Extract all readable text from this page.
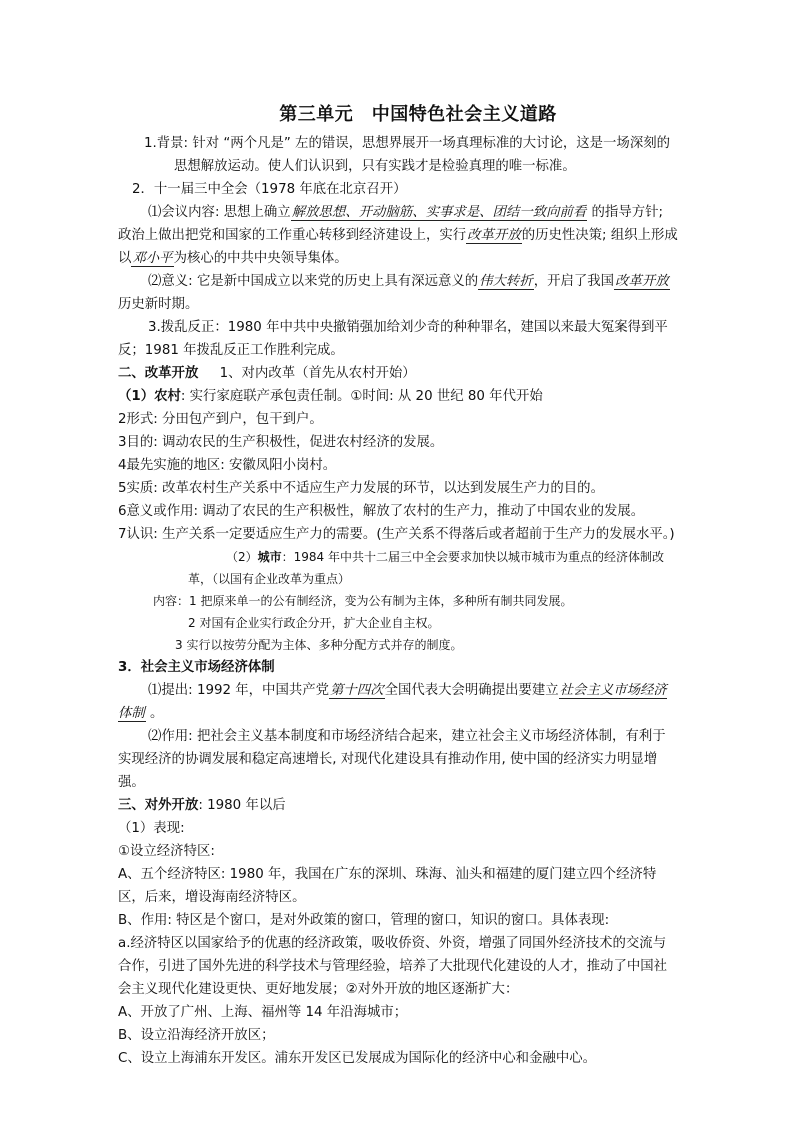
第三单元　中国特色社会主义道路

1.背景: 针对 “两个凡是” 左的错误，思想界展开一场真理标准的大讨论，这是一场深刻的思想解放运动。使人们认识到，只有实践才是检验真理的唯一标准。

2．十一届三中全会（1978 年底在北京召开）

⑴会议内容: 思想上确立解放思想、开动脑筋、实事求是、团结一致向前看 的指导方针; 政治上做出把党和国家的工作重心转移到经济建设上，实行改革开放的历史性决策; 组织上形成以邓小平为核心的中共中央领导集体。

⑵意义: 它是新中国成立以来党的历史上具有深远意义的伟大转折，开启了我国改革开放历史新时期。

3.拨乱反正：1980 年中共中央撤销强加给刘少奇的种种罪名，建国以来最大冤案得到平反；1981 年拨乱反正工作胜利完成。

二、改革开放 1、对内改革（首先从农村开始）

（1）农村: 实行家庭联产承包责任制。①时间: 从 20 世纪 80 年代开始

2形式: 分田包产到户，包干到户。

3目的: 调动农民的生产积极性，促进农村经济的发展。

4最先实施的地区: 安徽凤阳小岗村。

5实质: 改革农村生产关系中不适应生产力发展的环节，以达到发展生产力的目的。

6意义或作用: 调动了农民的生产积极性，解放了农村的生产力，推动了中国农业的发展。

7认识: 生产关系一定要适应生产力的需要。(生产关系不得落后或者超前于生产力的发展水平。)

（2）城市：1984 年中共十二届三中全会要求加快以城市城市为重点的经济体制改革，（以国有企业改革为重点）

内容：1 把原来单一的公有制经济，变为公有制为主体，多种所有制共同发展。

2 对国有企业实行政企分开，扩大企业自主权。

3 实行以按劳分配为主体、多种分配方式并存的制度。

3．社会主义市场经济体制

⑴提出: 1992 年，中国共产党第十四次全国代表大会明确提出要建立社会主义市场经济体制 。

⑵作用: 把社会主义基本制度和市场经济结合起来，建立社会主义市场经济体制，有利于实现经济的协调发展和稳定高速增长, 对现代化建设具有推动作用, 使中国的经济实力明显增强。

三、对外开放: 1980 年以后

（1）表现:

①设立经济特区:

A、五个经济特区: 1980 年，我国在广东的深圳、珠海、汕头和福建的厦门建立四个经济特区，后来，增设海南经济特区。

B、作用: 特区是个窗口，是对外政策的窗口，管理的窗口，知识的窗口。具体表现:

a.经济特区以国家给予的优惠的经济政策，吸收侨资、外资，增强了同国外经济技术的交流与合作，引进了国外先进的科学技术与管理经验，培养了大批现代化建设的人才，推动了中国社会主义现代化建设更快、更好地发展；②对外开放的地区逐渐扩大：

A、开放了广州、上海、福州等 14 年沿海城市；

B、设立沿海经济开放区；

C、设立上海浦东开发区。浦东开发区已发展成为国际化的经济中心和金融中心。
